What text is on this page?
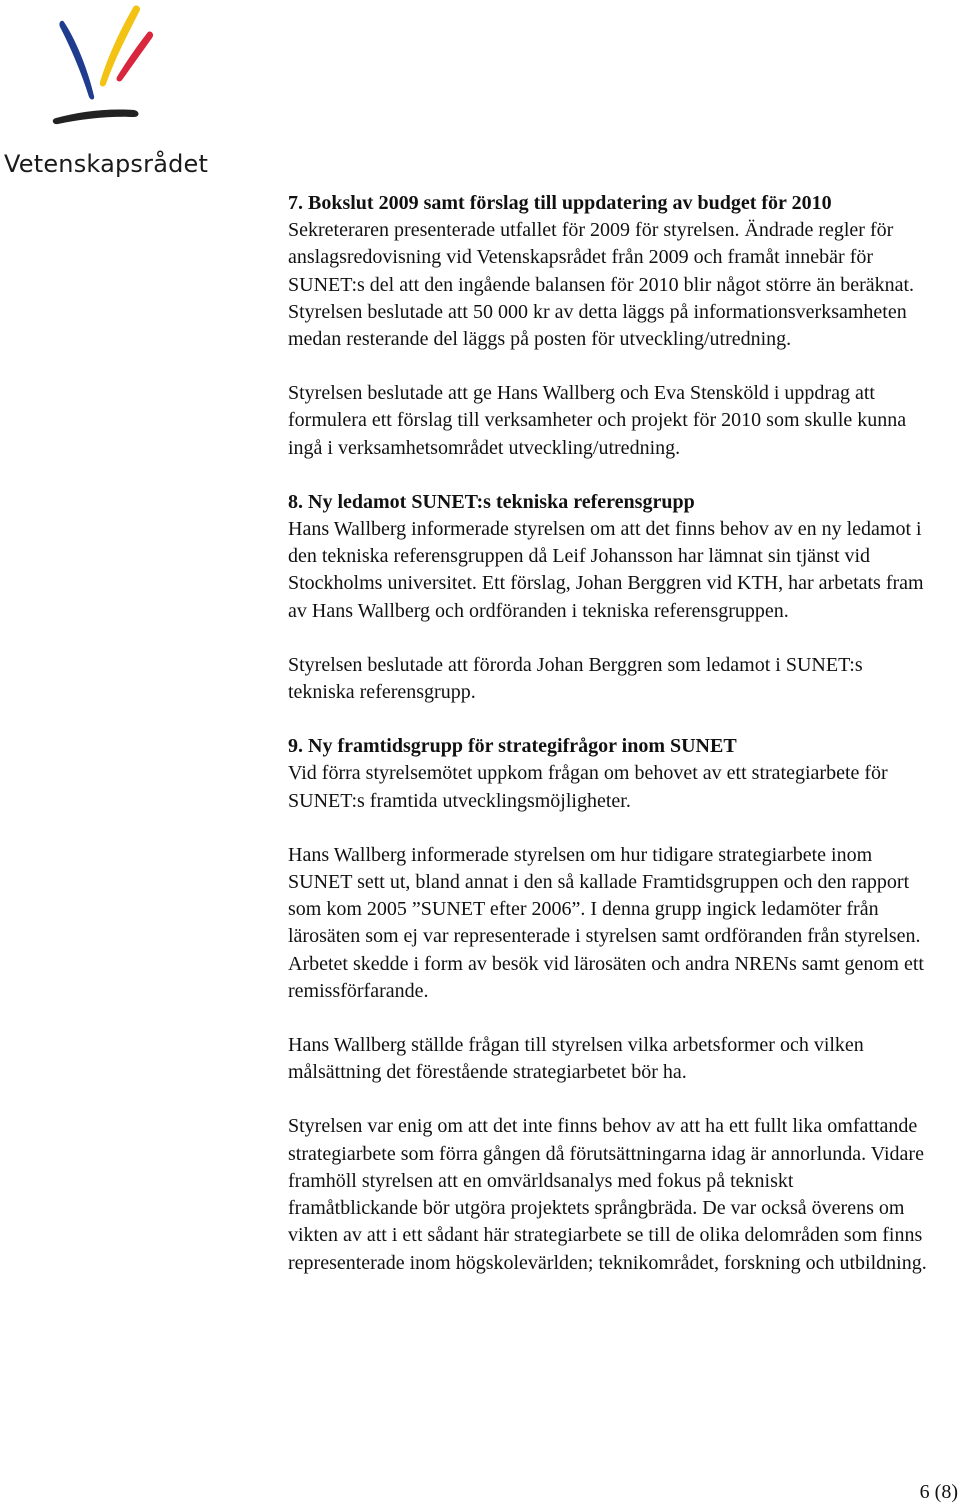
Vetenskapsrådet
7. Bokslut 2009 samt förslag till uppdatering av budget för 2010

Sekreteraren presenterade utfallet för 2009 för styrelsen. Ändrade regler för anslagsredovisning vid Vetenskapsrådet från 2009 och framåt innebär för SUNET:s del att den ingående balansen för 2010 blir något större än beräknat. Styrelsen beslutade att 50 000 kr av detta läggs på informationsverksamheten medan resterande del läggs på posten för utveckling/utredning.

Styrelsen beslutade att ge Hans Wallberg och Eva Stensköld i uppdrag att formulera ett förslag till verksamheter och projekt för 2010 som skulle kunna ingå i verksamhetsområdet utveckling/utredning.

8. Ny ledamot SUNET:s tekniska referensgrupp

Hans Wallberg informerade styrelsen om att det finns behov av en ny ledamot i den tekniska referensgruppen då Leif Johansson har lämnat sin tjänst vid Stockholms universitet. Ett förslag, Johan Berggren vid KTH, har arbetats fram av Hans Wallberg och ordföranden i tekniska referensgruppen.

Styrelsen beslutade att förorda Johan Berggren som ledamot i SUNET:s tekniska referensgrupp.

9. Ny framtidsgrupp för strategifrågor inom SUNET

Vid förra styrelsemötet uppkom frågan om behovet av ett strategiarbete för SUNET:s framtida utvecklingsmöjligheter.

Hans Wallberg informerade styrelsen om hur tidigare strategiarbete inom SUNET sett ut, bland annat i den så kallade Framtidsgruppen och den rapport som kom 2005 ”SUNET efter 2006”. I denna grupp ingick ledamöter från lärosäten som ej var representerade i styrelsen samt ordföranden från styrelsen. Arbetet skedde i form av besök vid lärosäten och andra NRENs samt genom ett remissförfarande.

Hans Wallberg ställde frågan till styrelsen vilka arbetsformer och vilken målsättning det förestående strategiarbetet bör ha.

Styrelsen var enig om att det inte finns behov av att ha ett fullt lika omfattande strategiarbete som förra gången då förutsättningarna idag är annorlunda. Vidare framhöll styrelsen att en omvärldsanalys med fokus på tekniskt framåtblickande bör utgöra projektets språngbräda. De var också överens om vikten av att i ett sådant här strategiarbete se till de olika delområden som finns representerade inom högskolevärlden; teknikområdet, forskning och utbildning.

6 (8)
